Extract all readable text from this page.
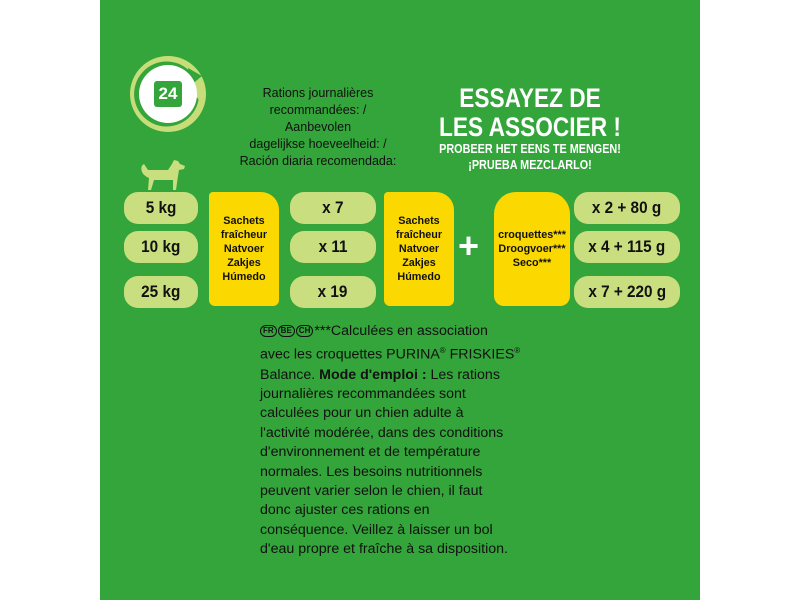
24	Rations journalières
recommandées: /
Aanbevolen
dagelijkse hoeveelheid: /
Ración diaria recomendada:
ESSAYEZ DE
LES ASSOCIER !
PROBEER HET EENS TE MENGEN!
¡PRUEBA MEZCLARLO!
5 kg
10 kg
25 kg
Sachets
fraîcheur
Natvoer Zakjes
Húmedo
x 7
x 11
x 19
Sachets
fraîcheur
Natvoer Zakjes
Húmedo
+ croquettes***
Droogvoer***
Seco***
x 2 + 80 g
x 4 + 115 g
x 7 + 220 g
FR BE CH ***Calculées en association
avec les croquettes PURINA® FRISKIES®
Balance. Mode d'emploi : Les rations
journalières recommandées sont
calculées pour un chien adulte à
l'activité modérée, dans des conditions
d'environnement et de température
normales. Les besoins nutritionnels
peuvent varier selon le chien, il faut
donc ajuster ces rations en
conséquence. Veillez à laisser un bol
d'eau propre et fraîche à sa disposition.
